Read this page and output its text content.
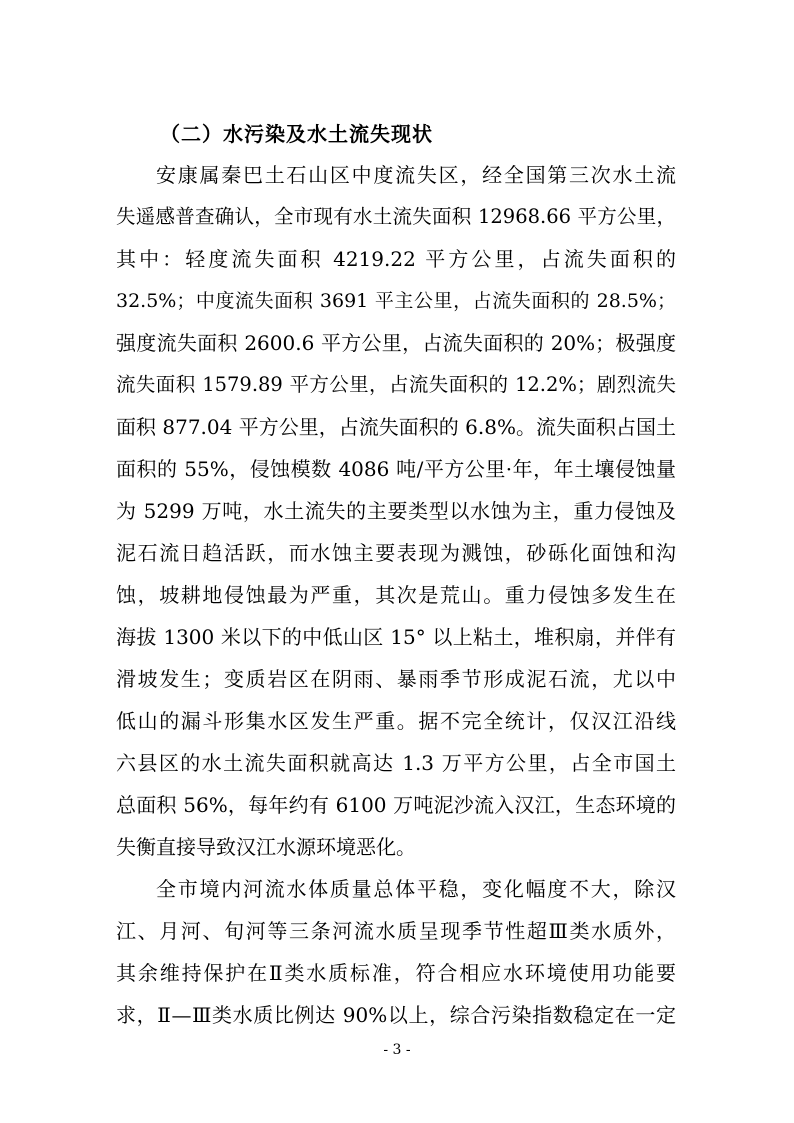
（二）水污染及水土流失现状
安康属秦巴土石山区中度流失区，经全国第三次水土流
失遥感普查确认，全市现有水土流失面积 12968.66 平方公里，
其中：轻度流失面积 4219.22 平方公里，占流失面积的
32.5%；中度流失面积 3691 平主公里，占流失面积的 28.5%；
强度流失面积 2600.6 平方公里，占流失面积的 20%；极强度
流失面积 1579.89 平方公里，占流失面积的 12.2%；剧烈流失
面积 877.04 平方公里，占流失面积的 6.8%。流失面积占国土
面积的 55%，侵蚀模数 4086 吨/平方公里·年，年土壤侵蚀量
为 5299 万吨，水土流失的主要类型以水蚀为主，重力侵蚀及
泥石流日趋活跃，而水蚀主要表现为溅蚀，砂砾化面蚀和沟
蚀，坡耕地侵蚀最为严重，其次是荒山。重力侵蚀多发生在
海拔 1300 米以下的中低山区 15° 以上粘土，堆积扇，并伴有
滑坡发生；变质岩区在阴雨、暴雨季节形成泥石流，尤以中
低山的漏斗形集水区发生严重。据不完全统计，仅汉江沿线
六县区的水土流失面积就高达 1.3 万平方公里，占全市国土
总面积 56%，每年约有 6100 万吨泥沙流入汉江，生态环境的
失衡直接导致汉江水源环境恶化。
全市境内河流水体质量总体平稳，变化幅度不大，除汉
江、月河、旬河等三条河流水质呈现季节性超Ⅲ类水质外，
其余维持保护在Ⅱ类水质标准，符合相应水环境使用功能要
求，Ⅱ—Ⅲ类水质比例达 90%以上，综合污染指数稳定在一定
- 3 -
